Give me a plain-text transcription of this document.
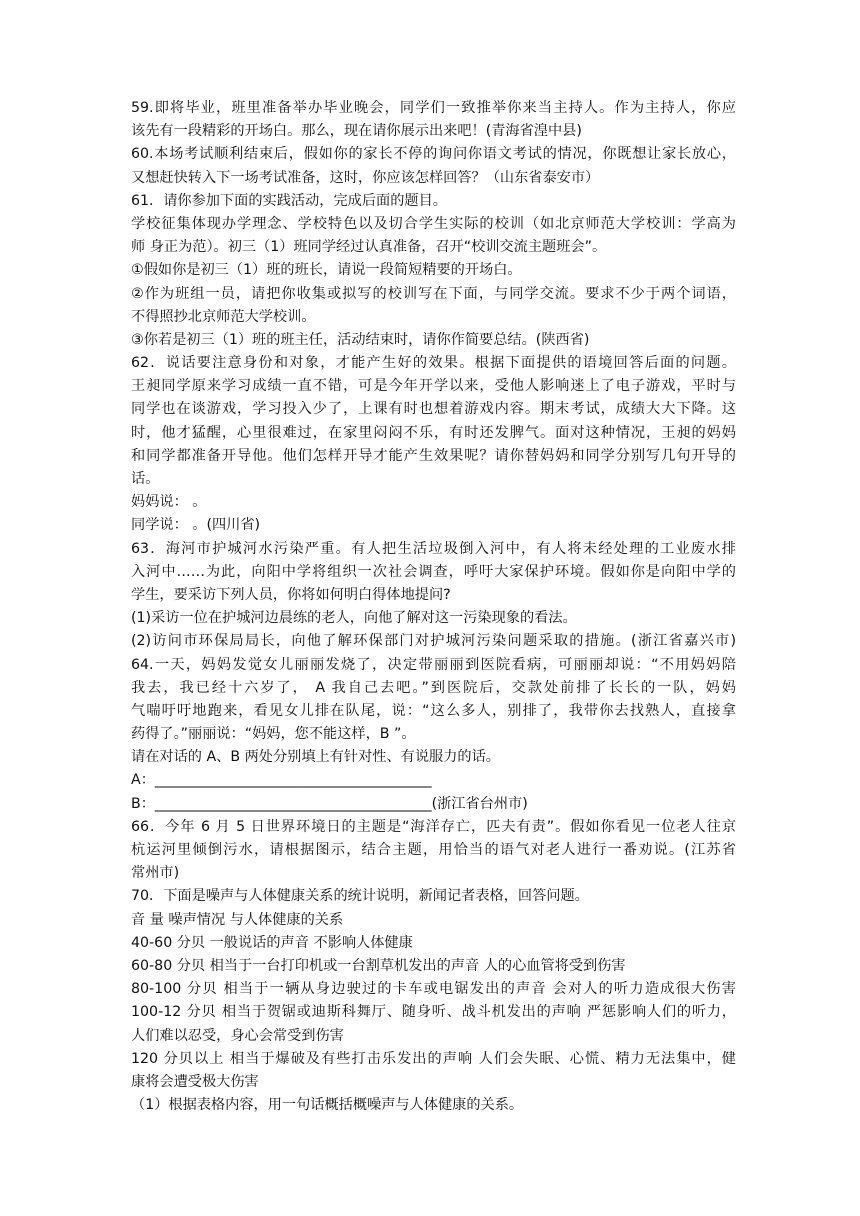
59.即将毕业，班里准备举办毕业晚会，同学们一致推举你来当主持人。作为主持人，你应
该先有一段精彩的开场白。那么，现在请你展示出来吧！(青海省湟中县)
60.本场考试顺利结束后，假如你的家长不停的询问你语文考试的情况，你既想让家长放心，
又想赶快转入下一场考试准备，这时，你应该怎样回答？（山东省泰安市）
61．请你参加下面的实践活动，完成后面的题目。
学校征集体现办学理念、学校特色以及切合学生实际的校训（如北京师范大学校训：学高为
师 身正为范）。初三（1）班同学经过认真准备，召开“校训交流主题班会”。
①假如你是初三（1）班的班长，请说一段简短精要的开场白。
②作为班组一员，请把你收集或拟写的校训写在下面，与同学交流。要求不少于两个词语，
不得照抄北京师范大学校训。
③你若是初三（1）班的班主任，活动结束时，请你作简要总结。(陕西省)
62．说话要注意身份和对象，才能产生好的效果。根据下面提供的语境回答后面的问题。
王昶同学原来学习成绩一直不错，可是今年开学以来，受他人影响迷上了电子游戏，平时与
同学也在谈游戏，学习投入少了，上课有时也想着游戏内容。期末考试，成绩大大下降。这
时，他才猛醒，心里很难过，在家里闷闷不乐，有时还发脾气。面对这种情况，王昶的妈妈
和同学都准备开导他。他们怎样开导才能产生效果呢？请你替妈妈和同学分别写几句开导的
话。
妈妈说： 。
同学说： 。(四川省)
63．海河市护城河水污染严重。有人把生活垃圾倒入河中，有人将未经处理的工业废水排
入河中……为此，向阳中学将组织一次社会调查，呼吁大家保护环境。假如你是向阳中学的
学生，要采访下列人员，你将如何明白得体地提问?
(1)采访一位在护城河边晨练的老人，向他了解对这一污染现象的看法。
(2)访问市环保局局长，向他了解环保部门对护城河污染问题采取的措施。(浙江省嘉兴市)
64.一天，妈妈发觉女儿丽丽发烧了，决定带丽丽到医院看病，可丽丽却说：“不用妈妈陪
我去，我已经十六岁了， A 我自己去吧。”到医院后，交款处前排了长长的一队，妈妈
气喘吁吁地跑来，看见女儿排在队尾，说：“这么多人，别排了，我带你去找熟人，直接拿
药得了。”丽丽说：“妈妈，您不能这样，B ”。
请在对话的 A、B 两处分别填上有针对性、有说服力的话。
A：_______________________________________
B：_______________________________________(浙江省台州市)
66．今年 6 月 5 日世界环境日的主题是“海洋存亡，匹夫有责”。假如你看见一位老人往京
杭运河里倾倒污水，请根据图示，结合主题，用恰当的语气对老人进行一番劝说。(江苏省
常州市)
70．下面是噪声与人体健康关系的统计说明，新闻记者表格，回答问题。
音 量 噪声情况 与人体健康的关系
40-60 分贝 一般说话的声音 不影响人体健康
60-80 分贝 相当于一台打印机或一台割草机发出的声音 人的心血管将受到伤害
80-100 分贝 相当于一辆从身边驶过的卡车或电锯发出的声音 会对人的听力造成很大伤害
100-12 分贝 相当于贺锯或迪斯科舞厅、随身听、战斗机发出的声响 严惩影响人们的听力，
人们难以忍受，身心会常受到伤害
120 分贝以上 相当于爆破及有些打击乐发出的声响 人们会失眠、心慌、精力无法集中，健
康将会遭受极大伤害
（1）根据表格内容，用一句话概括概噪声与人体健康的关系。
